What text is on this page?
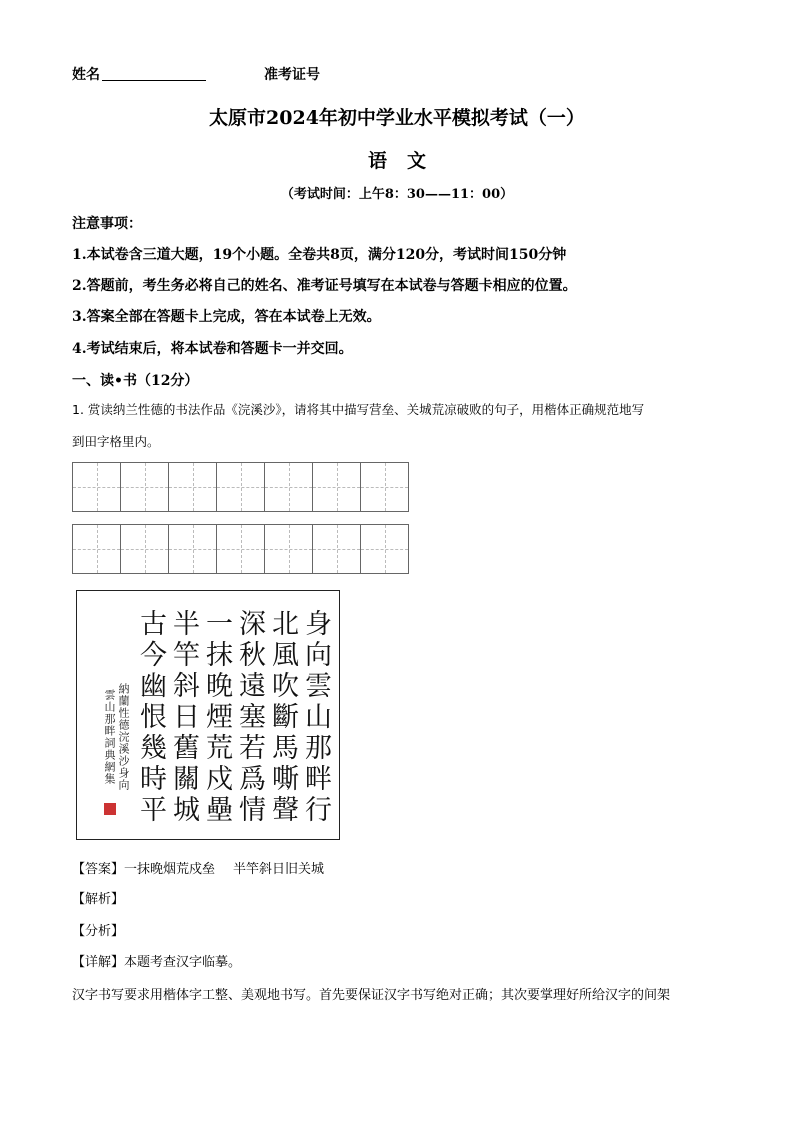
姓名	准考证号
太原市2024年初中学业水平模拟考试（一）
语文
（考试时间：上午8：30——11：00）
注意事项：
1.本试卷含三道大题，19个小题。全卷共8页，满分120分，考试时间150分钟
2.答题前，考生务必将自己的姓名、准考证号填写在本试卷与答题卡相应的位置。
3.答案全部在答题卡上完成，答在本试卷上无效。
4.考试结束后，将本试卷和答题卡一并交回。
一、读•书（12分）
1. 赏读纳兰性德的书法作品《浣溪沙》，请将其中描写营垒、关城荒凉破败的句子，用楷体正确规范地写
到田字格里内。
身向雲山那畔行
北風吹斷馬嘶聲
深秋遠塞若爲情
一抹晚煙荒戍壘
半竿斜日舊關城
古今幽恨幾時平
納蘭性德浣溪沙身向
雲山那畔詞典網集
【答案】一抹晚烟荒戍垒 半竿斜日旧关城
【解析】
【分析】
【详解】本题考查汉字临摹。
汉字书写要求用楷体字工整、美观地书写。首先要保证汉字书写绝对正确；其次要掌理好所给汉字的间架
